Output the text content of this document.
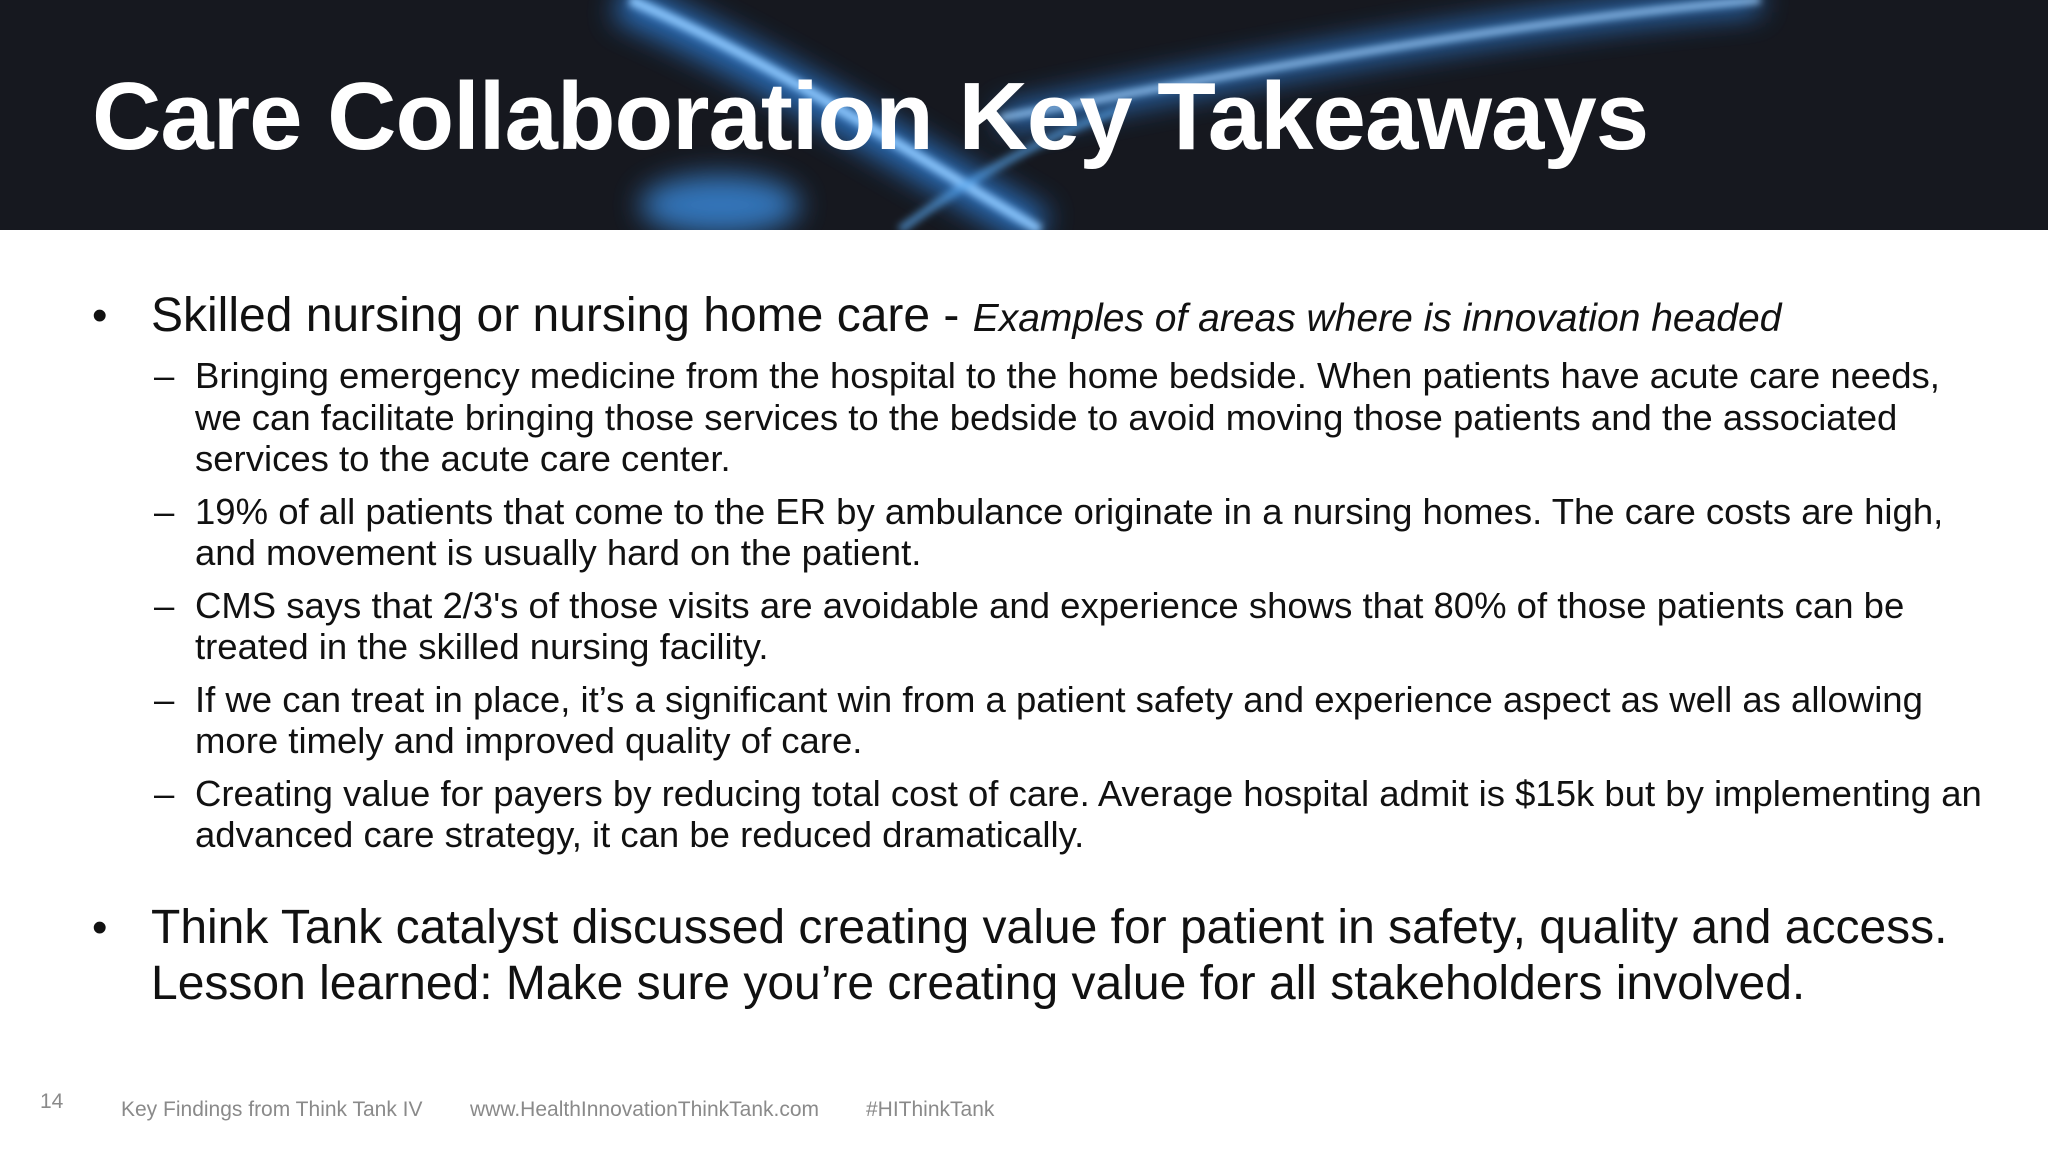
Care Collaboration Key Takeaways
• Skilled nursing or nursing home care - Examples of areas where is innovation headed
– Bringing emergency medicine from the hospital to the home bedside. When patients have acute care needs, we can facilitate bringing those services to the bedside to avoid moving those patients and the associated services to the acute care center.
– 19% of all patients that come to the ER by ambulance originate in a nursing homes. The care costs are high, and movement is usually hard on the patient.
– CMS says that 2/3's of those visits are avoidable and experience shows that 80% of those patients can be treated in the skilled nursing facility.
– If we can treat in place, it’s a significant win from a patient safety and experience aspect as well as allowing more timely and improved quality of care.
– Creating value for payers by reducing total cost of care. Average hospital admit is $15k but by implementing an advanced care strategy, it can be reduced dramatically.
• Think Tank catalyst discussed creating value for patient in safety, quality and access. Lesson learned: Make sure you’re creating value for all stakeholders involved.
14	Key Findings from Think Tank IV www.HealthInnovationThinkTank.com #HIThinkTank
